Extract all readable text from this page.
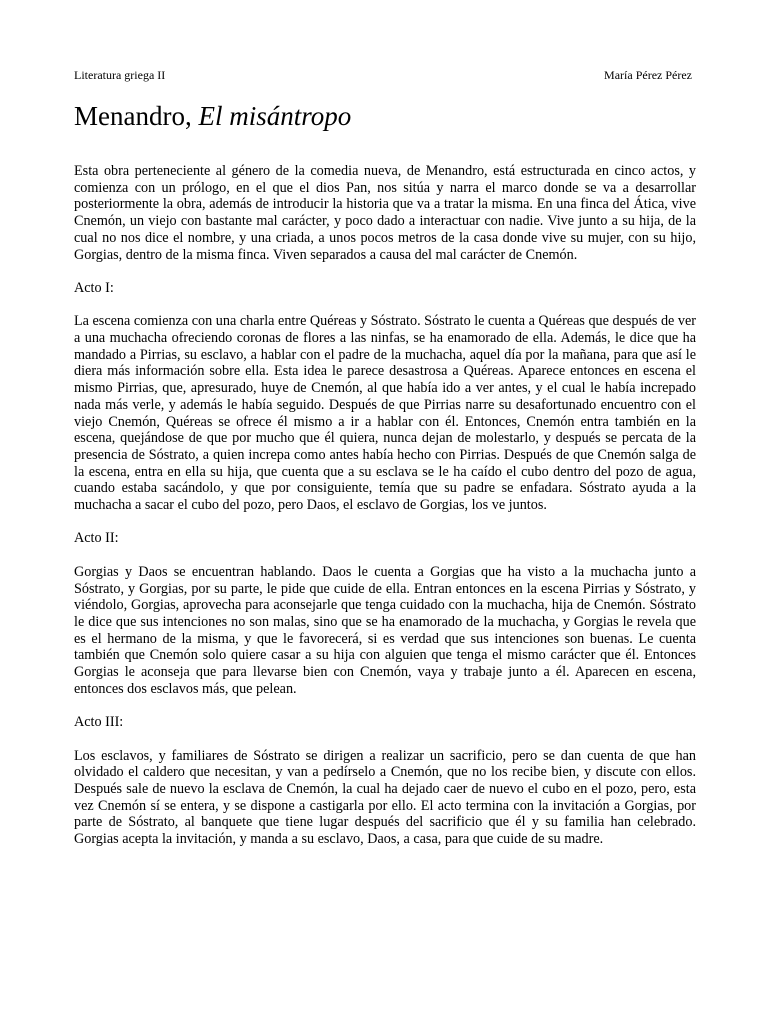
Literatura griega II	María Pérez Pérez
Menandro, El misántropo

Esta obra perteneciente al género de la comedia nueva, de Menandro, está estructurada en cinco actos, y comienza con un prólogo, en el que el dios Pan, nos sitúa y narra el marco donde se va a desarrollar posteriormente la obra, además de introducir la historia que va a tratar la misma. En una finca del Ática, vive Cnemón, un viejo con bastante mal carácter, y poco dado a interactuar con nadie. Vive junto a su hija, de la cual no nos dice el nombre, y una criada, a unos pocos metros de la casa donde vive su mujer, con su hijo, Gorgias, dentro de la misma finca. Viven separados a causa del mal carácter de Cnemón.

Acto I:

La escena comienza con una charla entre Quéreas y Sóstrato. Sóstrato le cuenta a Quéreas que después de ver a una muchacha ofreciendo coronas de flores a las ninfas, se ha enamorado de ella. Además, le dice que ha mandado a Pirrias, su esclavo, a hablar con el padre de la muchacha, aquel día por la mañana, para que así le diera más información sobre ella. Esta idea le parece desastrosa a Quéreas. Aparece entonces en escena el mismo Pirrias, que, apresurado, huye de Cnemón, al que había ido a ver antes, y el cual le había increpado nada más verle, y además le había seguido. Después de que Pirrias narre su desafortunado encuentro con el viejo Cnemón, Quéreas se ofrece él mismo a ir a hablar con él. Entonces, Cnemón entra también en la escena, quejándose de que por mucho que él quiera, nunca dejan de molestarlo, y después se percata de la presencia de Sóstrato, a quien increpa como antes había hecho con Pirrias. Después de que Cnemón salga de la escena, entra en ella su hija, que cuenta que a su esclava se le ha caído el cubo dentro del pozo de agua, cuando estaba sacándolo, y que por consiguiente, temía que su padre se enfadara. Sóstrato ayuda a la muchacha a sacar el cubo del pozo, pero Daos, el esclavo de Gorgias, los ve juntos.

Acto II:

Gorgias y Daos se encuentran hablando. Daos le cuenta a Gorgias que ha visto a la muchacha junto a Sóstrato, y Gorgias, por su parte, le pide que cuide de ella. Entran entonces en la escena Pirrias y Sóstrato, y viéndolo, Gorgias, aprovecha para aconsejarle que tenga cuidado con la muchacha, hija de Cnemón. Sóstrato le dice que sus intenciones no son malas, sino que se ha enamorado de la muchacha, y Gorgias le revela que es el hermano de la misma, y que le favorecerá, si es verdad que sus intenciones son buenas. Le cuenta también que Cnemón solo quiere casar a su hija con alguien que tenga el mismo carácter que él. Entonces Gorgias le aconseja que para llevarse bien con Cnemón, vaya y trabaje junto a él. Aparecen en escena, entonces dos esclavos más, que pelean.

Acto III:

Los esclavos, y familiares de Sóstrato se dirigen a realizar un sacrificio, pero se dan cuenta de que han olvidado el caldero que necesitan, y van a pedírselo a Cnemón, que no los recibe bien, y discute con ellos. Después sale de nuevo la esclava de Cnemón, la cual ha dejado caer de nuevo el cubo en el pozo, pero, esta vez Cnemón sí se entera, y se dispone a castigarla por ello. El acto termina con la invitación a Gorgias, por parte de Sóstrato, al banquete que tiene lugar después del sacrificio que él y su familia han celebrado. Gorgias acepta la invitación, y manda a su esclavo, Daos, a casa, para que cuide de su madre.
